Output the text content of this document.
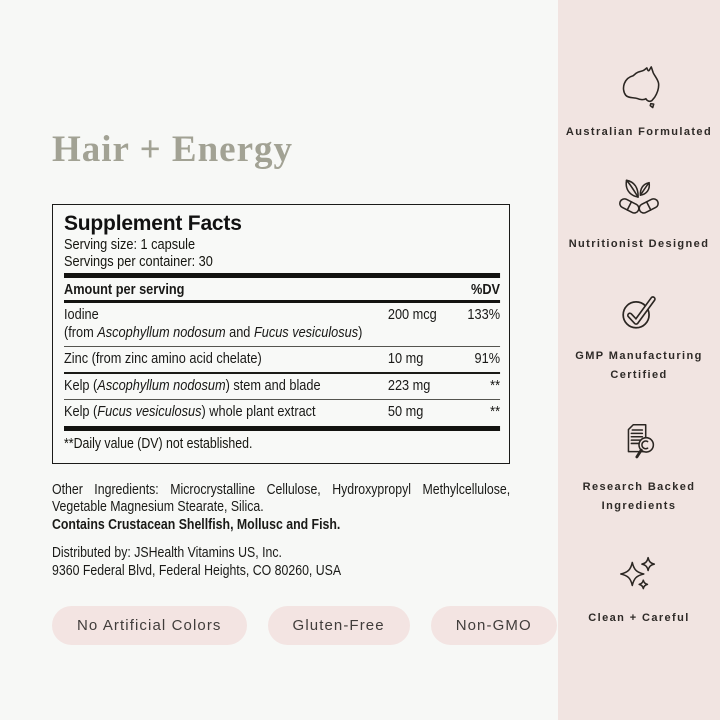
Hair + Energy
Supplement Facts
Serving size: 1 capsule
Servings per container: 30
Amount per serving	%DV
Iodine	200 mcg	133%
(from Ascophyllum nodosum and Fucus vesiculosus)
Zinc (from zinc amino acid chelate)	10 mg	91%
Kelp (Ascophyllum nodosum) stem and blade	223 mg	**
Kelp (Fucus vesiculosus) whole plant extract	50 mg	**
**Daily value (DV) not established.
Other Ingredients: Microcrystalline Cellulose, Hydroxypropyl Methylcellulose, Vegetable Magnesium Stearate, Silica.
Contains Crustacean Shellfish, Mollusc and Fish.
Distributed by: JSHealth Vitamins US, Inc.
9360 Federal Blvd, Federal Heights, CO 80260, USA
No Artificial Colors	Gluten-Free	Non-GMO
Australian Formulated
Nutritionist Designed
GMP Manufacturing Certified
Research Backed Ingredients
Clean + Careful
